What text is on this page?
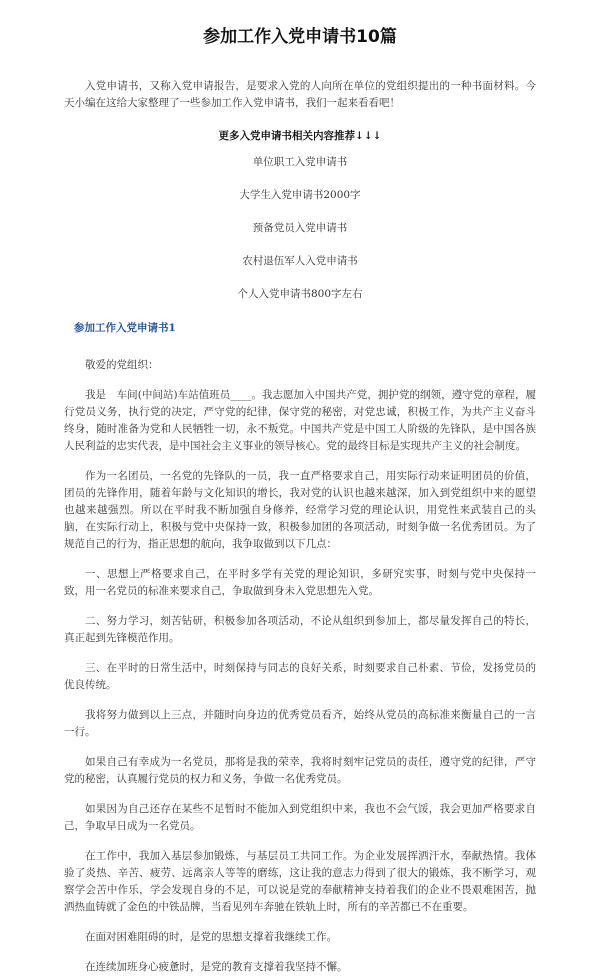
参加工作入党申请书10篇

入党申请书，又称入党申请报告，是要求入党的人向所在单位的党组织提出的一种书面材料。今天小编在这给大家整理了一些参加工作入党申请书，我们一起来看看吧！

更多入党申请书相关内容推荐↓↓↓
单位职工入党申请书
大学生入党申请书2000字
预备党员入党申请书
农村退伍军人入党申请书
个人入党申请书800字左右
参加工作入党申请书1

敬爱的党组织：

我是　车间(中间站)车站值班员____。我志愿加入中国共产党，拥护党的纲领，遵守党的章程，履行党员义务，执行党的决定，严守党的纪律，保守党的秘密，对党忠诚，积极工作，为共产主义奋斗终身，随时准备为党和人民牺牲一切，永不叛党。中国共产党是中国工人阶级的先锋队，是中国各族人民利益的忠实代表，是中国社会主义事业的领导核心。党的最终目标是实现共产主义的社会制度。

作为一名团员，一名党的先锋队的一员，我一直严格要求自己，用实际行动来证明团员的价值，团员的先锋作用，随着年龄与文化知识的增长，我对党的认识也越来越深，加入到党组织中来的愿望也越来越强烈。所以在平时我不断加强自身修养，经常学习党的理论认识，用党性来武装自己的头脑，在实际行动上，积极与党中央保持一致，积极参加团的各项活动，时刻争做一名优秀团员。为了规范自己的行为，指正思想的航向，我争取做到以下几点：

一、思想上严格要求自己，在平时多学有关党的理论知识，多研究实事，时刻与党中央保持一致，用一名党员的标准来要求自己，争取做到身未入党思想先入党。

二、努力学习，刻苦钻研，积极参加各项活动，不论从组织到参加上，都尽量发挥自己的特长，真正起到先锋模范作用。

三、在平时的日常生活中，时刻保持与同志的良好关系，时刻要求自己朴素、节俭，发扬党员的优良传统。

我将努力做到以上三点，并随时向身边的优秀党员看齐，始终从党员的高标准来衡量自己的一言一行。

如果自己有幸成为一名党员，那将是我的荣幸，我将时刻牢记党员的责任，遵守党的纪律，严守党的秘密，认真履行党员的权力和义务，争做一名优秀党员。

如果因为自己还存在某些不足暂时不能加入到党组织中来，我也不会气馁，我会更加严格要求自己，争取早日成为一名党员。

在工作中，我加入基层参加锻炼，与基层员工共同工作。为企业发展挥洒汗水，奉献热情。我体验了炎热、辛苦、疲劳、远离亲人等等的磨练，这让我的意志力得到了很大的锻炼，我不断学习，观察学会苦中作乐，学会发现自身的不足，可以说是党的奉献精神支持着我们的企业不畏艰难困苦，抛洒热血铸就了金色的中铁品牌，当看见列车奔驰在铁轨上时，所有的辛苦都已不在重要。

在面对困难阻碍的时，是党的思想支撑着我继续工作。

在连续加班身心疲惫时，是党的教育支撑着我坚持不懈。
